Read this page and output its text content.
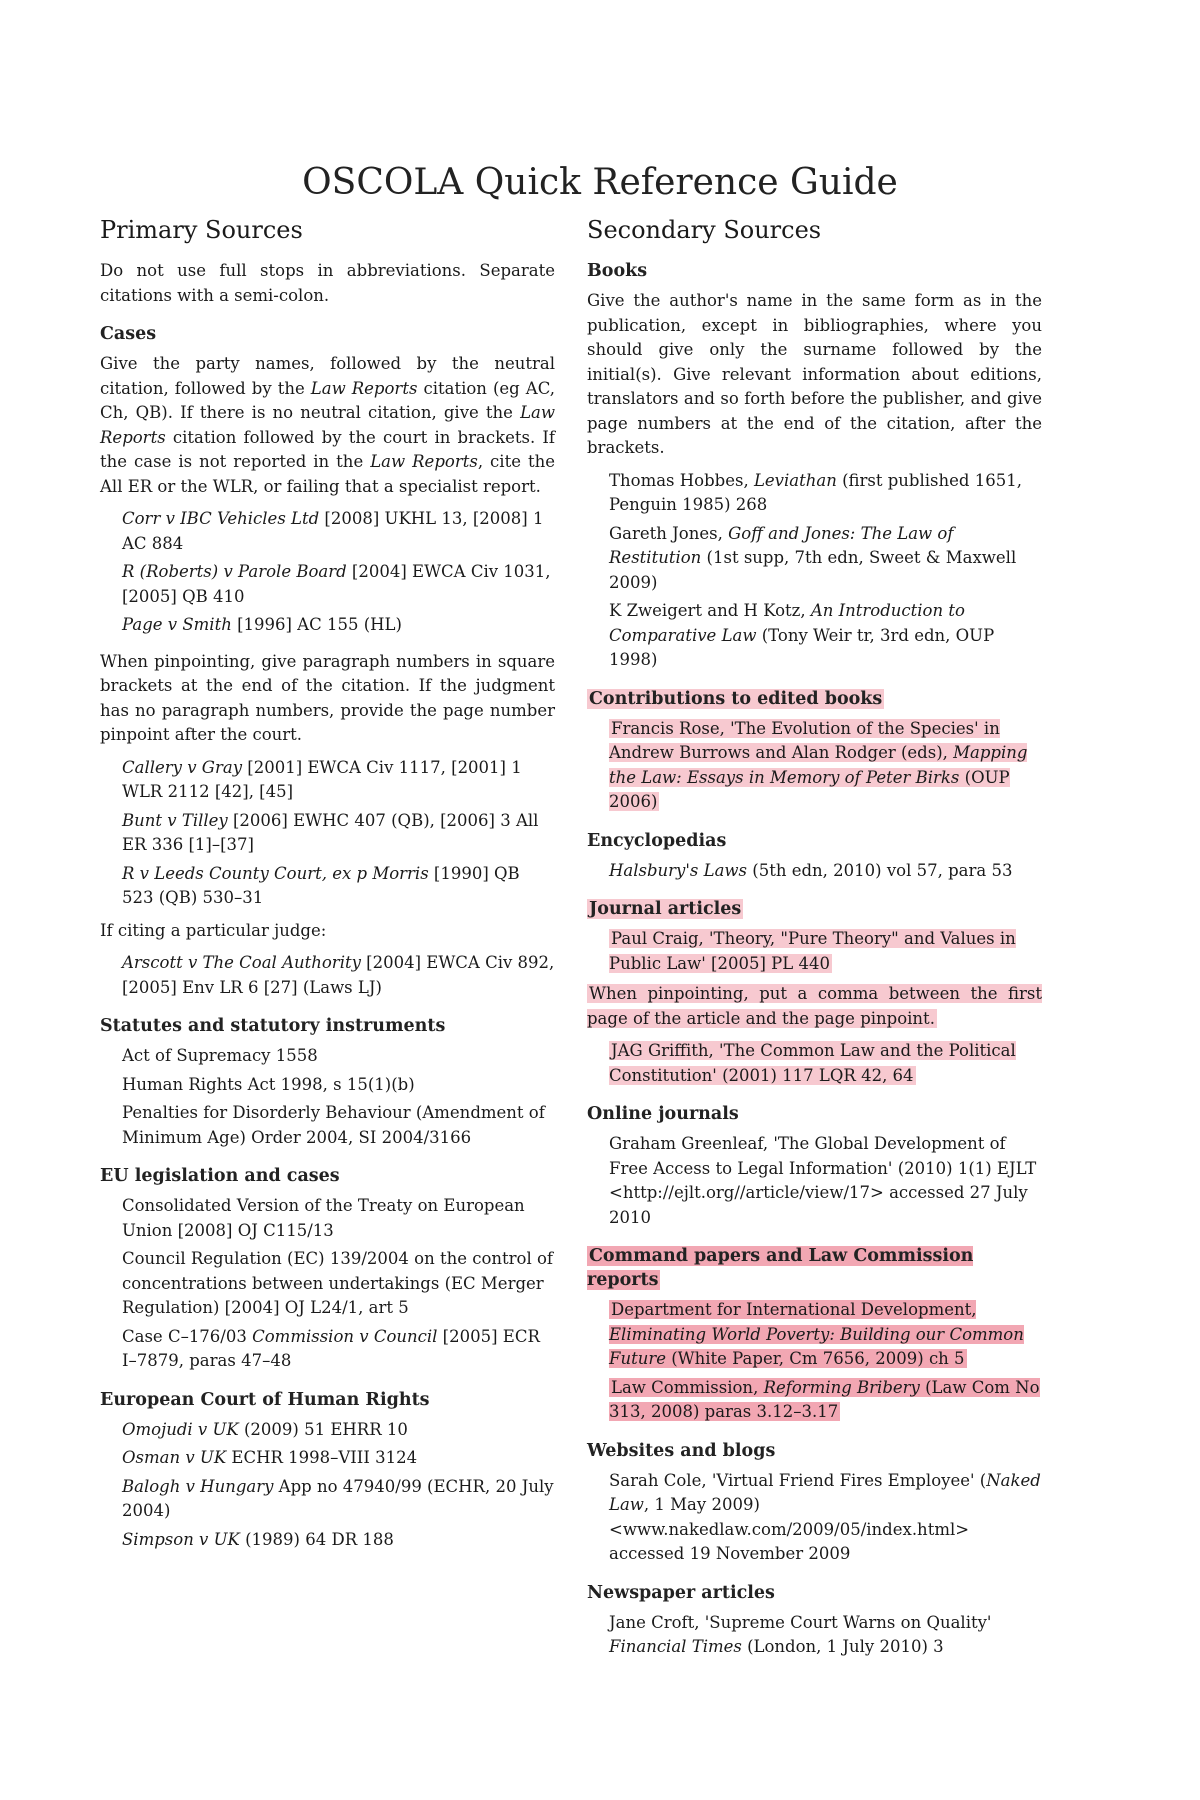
OSCOLA Quick Reference Guide
Primary Sources

Do not use full stops in abbreviations. Separate citations with a semi-colon.

Cases

Give the party names, followed by the neutral citation, followed by the Law Reports citation (eg AC, Ch, QB). If there is no neutral citation, give the Law Reports citation followed by the court in brackets. If the case is not reported in the Law Reports, cite the All ER or the WLR, or failing that a specialist report.

Corr v IBC Vehicles Ltd [2008] UKHL 13, [2008] 1 AC 884
R (Roberts) v Parole Board [2004] EWCA Civ 1031, [2005] QB 410
Page v Smith [1996] AC 155 (HL)

When pinpointing, give paragraph numbers in square brackets at the end of the citation. If the judgment has no paragraph numbers, provide the page number pinpoint after the court.

Callery v Gray [2001] EWCA Civ 1117, [2001] 1 WLR 2112 [42], [45]
Bunt v Tilley [2006] EWHC 407 (QB), [2006] 3 All ER 336 [1]–[37]
R v Leeds County Court, ex p Morris [1990] QB 523 (QB) 530–31

If citing a particular judge:

Arscott v The Coal Authority [2004] EWCA Civ 892, [2005] Env LR 6 [27] (Laws LJ)
Statutes and statutory instruments
Act of Supremacy 1558
Human Rights Act 1998, s 15(1)(b)
Penalties for Disorderly Behaviour (Amendment of Minimum Age) Order 2004, SI 2004/3166
EU legislation and cases
Consolidated Version of the Treaty on European Union [2008] OJ C115/13
Council Regulation (EC) 139/2004 on the control of concentrations between undertakings (EC Merger Regulation) [2004] OJ L24/1, art 5
Case C–176/03 Commission v Council [2005] ECR I–7879, paras 47–48
European Court of Human Rights
Omojudi v UK (2009) 51 EHRR 10
Osman v UK ECHR 1998–VIII 3124
Balogh v Hungary App no 47940/99 (ECHR, 20 July 2004)
Simpson v UK (1989) 64 DR 188
Secondary Sources
Books

Give the author's name in the same form as in the publication, except in bibliographies, where you should give only the surname followed by the initial(s). Give relevant information about editions, translators and so forth before the publisher, and give page numbers at the end of the citation, after the brackets.

Thomas Hobbes, Leviathan (first published 1651, Penguin 1985) 268
Gareth Jones, Goff and Jones: The Law of Restitution (1st supp, 7th edn, Sweet & Maxwell 2009)
K Zweigert and H Kotz, An Introduction to Comparative Law (Tony Weir tr, 3rd edn, OUP 1998)
Contributions to edited books
Francis Rose, 'The Evolution of the Species' in Andrew Burrows and Alan Rodger (eds), Mapping the Law: Essays in Memory of Peter Birks (OUP 2006)
Encyclopedias
Halsbury's Laws (5th edn, 2010) vol 57, para 53
Journal articles
Paul Craig, 'Theory, "Pure Theory" and Values in Public Law' [2005] PL 440

When pinpointing, put a comma between the first page of the article and the page pinpoint.

JAG Griffith, 'The Common Law and the Political Constitution' (2001) 117 LQR 42, 64
Online journals
Graham Greenleaf, 'The Global Development of Free Access to Legal Information' (2010) 1(1) EJLT <http://ejlt.org//article/view/17> accessed 27 July 2010
Command papers and Law Commission reports
Department for International Development, Eliminating World Poverty: Building our Common Future (White Paper, Cm 7656, 2009) ch 5
Law Commission, Reforming Bribery (Law Com No 313, 2008) paras 3.12–3.17
Websites and blogs
Sarah Cole, 'Virtual Friend Fires Employee' (Naked Law, 1 May 2009) <www.nakedlaw.com/2009/05/index.html> accessed 19 November 2009
Newspaper articles
Jane Croft, 'Supreme Court Warns on Quality' Financial Times (London, 1 July 2010) 3
